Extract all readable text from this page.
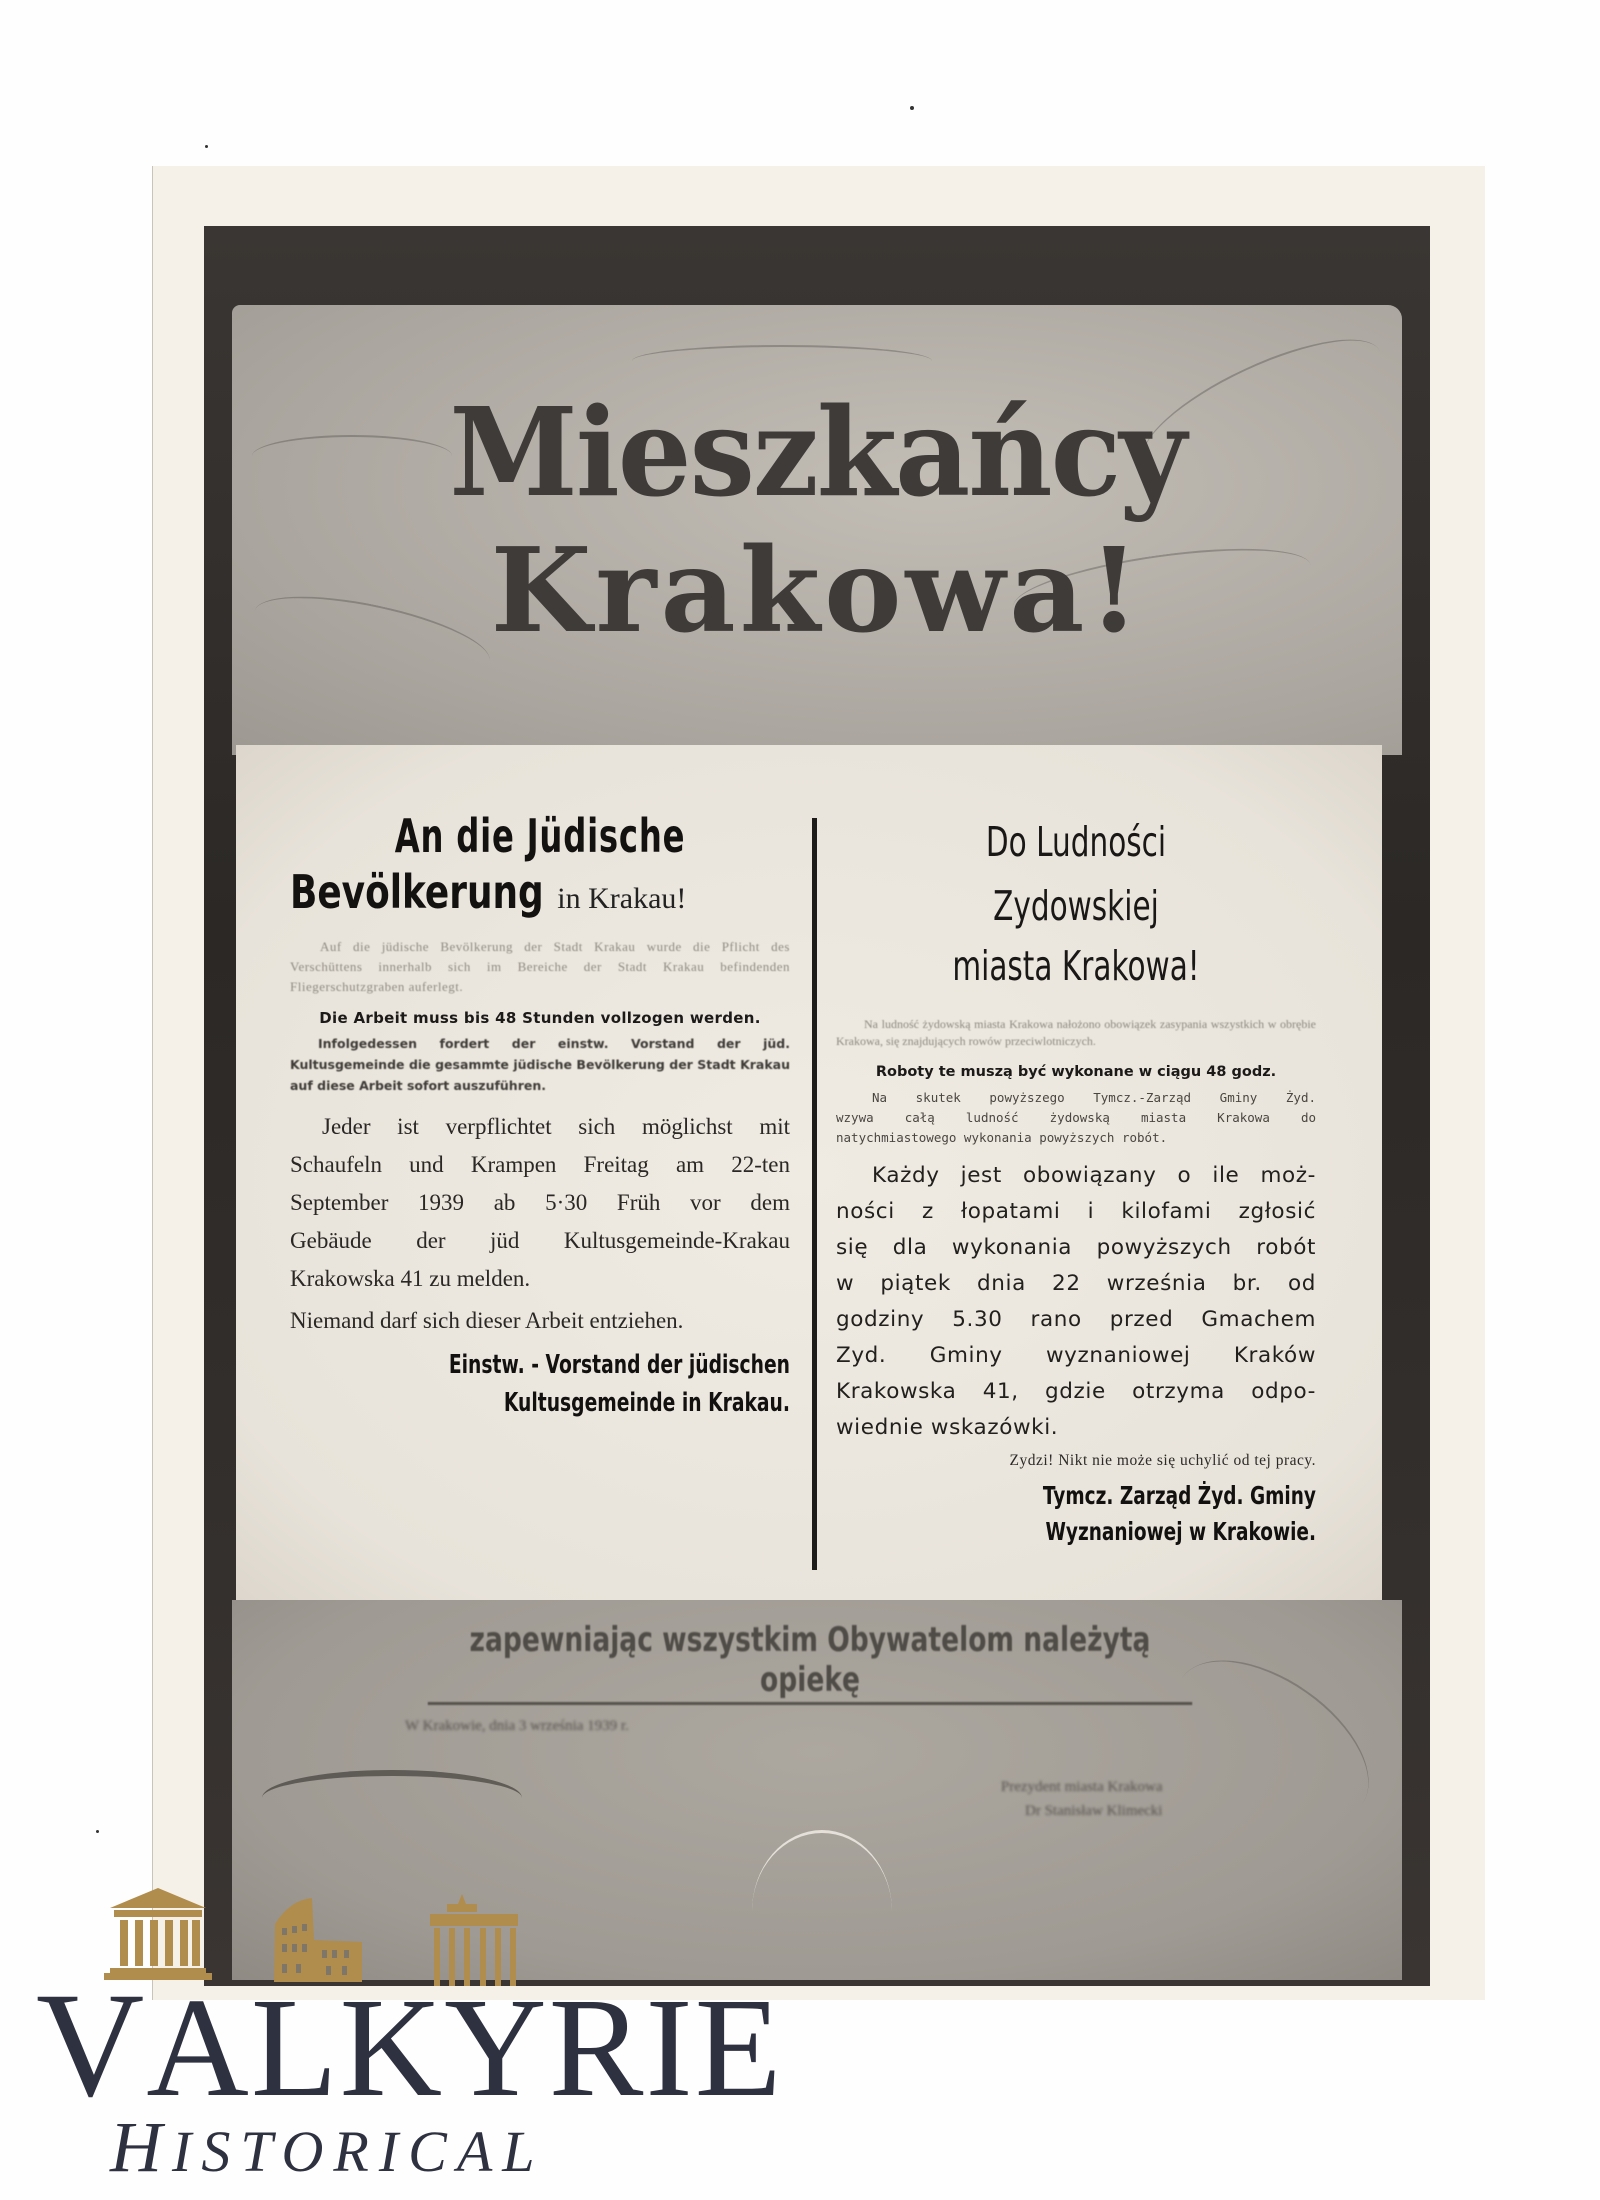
Mieszkańcy
Krakowa!
An die Jüdische
Bevölkerung in Krakau!
Auf die jüdische Bevölkerung der Stadt Krakau wurde die Pflicht des Verschüttens innerhalb sich im Bereiche der Stadt Krakau befindenden Fliegerschutzgraben auferlegt.
Die Arbeit muss bis 48 Stunden vollzogen werden.
Infolgedessen fordert der einstw. Vorstand der jüd. Kultusgemeinde die gesammte jüdische Bevölkerung der Stadt Krakau auf diese Arbeit sofort auszuführen.
Jeder ist verpflichtet sich möglichst mit
Schaufeln und Krampen Freitag am 22-ten
September 1939 ab 5·30 Früh vor dem
Gebäude der jüd Kultusgemeinde-Krakau
Krakowska 41 zu melden.
Niemand darf sich dieser Arbeit entziehen.
Einstw. - Vorstand der jüdischen
Kultusgemeinde in Krakau.
Do Ludności Zydowskiej
miasta Krakowa!
Na ludność żydowską miasta Krakowa nałożono obowiązek zasypania wszystkich w obrębie Krakowa, się znajdujących rowów przeciwlotniczych.
Roboty te muszą być wykonane w ciągu 48 godz.
Na skutek powyższego Tymcz.-Zarząd Gminy Żyd.
wzywa całą ludność żydowską miasta Krakowa do
natychmiastowego wykonania powyższych robót.
Każdy jest obowiązany o ile moż-
ności z łopatami i kilofami zgłosić
się dla wykonania powyższych robót
w piątek dnia 22 września br. od
godziny 5.30 rano przed Gmachem
Zyd. Gminy wyznaniowej Kraków
Krakowska 41, gdzie otrzyma odpo-
wiednie wskazówki.
Zydzi! Nikt nie może się uchylić od tej pracy.
Tymcz. Zarząd Żyd. Gminy
Wyznaniowej w Krakowie.
zapewniając wszystkim Obywatelom należytą opiekę
W Krakowie, dnia 3 września 1939 r.
Prezydent miasta Krakowa
Dr Stanisław Klimecki
VALKYRIE
HISTORICAL
